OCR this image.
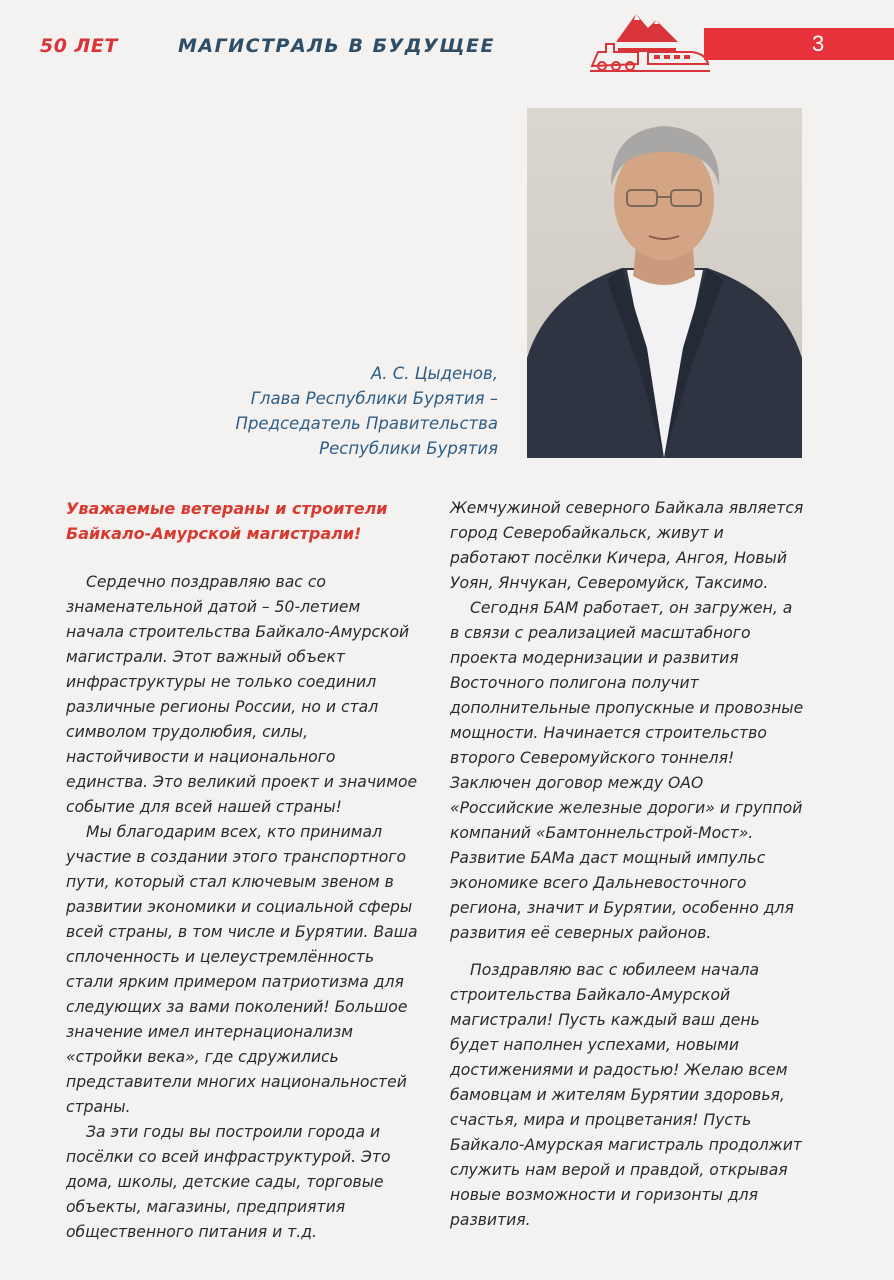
50 ЛЕТ	МАГИСТРАЛЬ В БУДУЩЕЕ	3
А. С. Цыденов,
Глава Республики Бурятия –
Председатель Правительства
Республики Бурятия

Уважаемые ветераны и строители Байкало-Амурской магистрали!

Сердечно поздравляю вас со знаменательной датой – 50-летием начала строительства Байкало-Амурской магистрали. Этот важный объект инфраструктуры не только соединил различные регионы России, но и стал символом трудолюбия, силы, настойчивости и национального единства. Это великий проект и значимое событие для всей нашей страны!

Мы благодарим всех, кто принимал участие в создании этого транспортного пути, который стал ключевым звеном в развитии экономики и социальной сферы всей страны, в том числе и Бурятии. Ваша сплоченность и целеустремлённость стали ярким примером патриотизма для следующих за вами поколений! Большое значение имел интернационализм «стройки века», где сдружились представители многих национальностей страны.

За эти годы вы построили города и посёлки со всей инфраструктурой. Это дома, школы, детские сады, торговые объекты, магазины, предприятия общественного питания и т.д.

Жемчужиной северного Байкала является город Северобайкальск, живут и работают посёлки Кичера, Ангоя, Новый Уоян, Янчукан, Северомуйск, Таксимо.

Сегодня БАМ работает, он загружен, а в связи с реализацией масштабного проекта модернизации и развития Восточного полигона получит дополнительные пропускные и провозные мощности. Начинается строительство второго Северомуйского тоннеля! Заключен договор между ОАО «Российские железные дороги» и группой компаний «Бамтоннельстрой-Мост». Развитие БАМа даст мощный импульс экономике всего Дальневосточного региона, значит и Бурятии, особенно для развития её северных районов.

Поздравляю вас с юбилеем начала строительства Байкало-Амурской магистрали! Пусть каждый ваш день будет наполнен успехами, новыми достижениями и радостью! Желаю всем бамовцам и жителям Бурятии здоровья, счастья, мира и процветания! Пусть Байкало-Амурская магистраль продолжит служить нам верой и правдой, открывая новые возможности и горизонты для развития.
